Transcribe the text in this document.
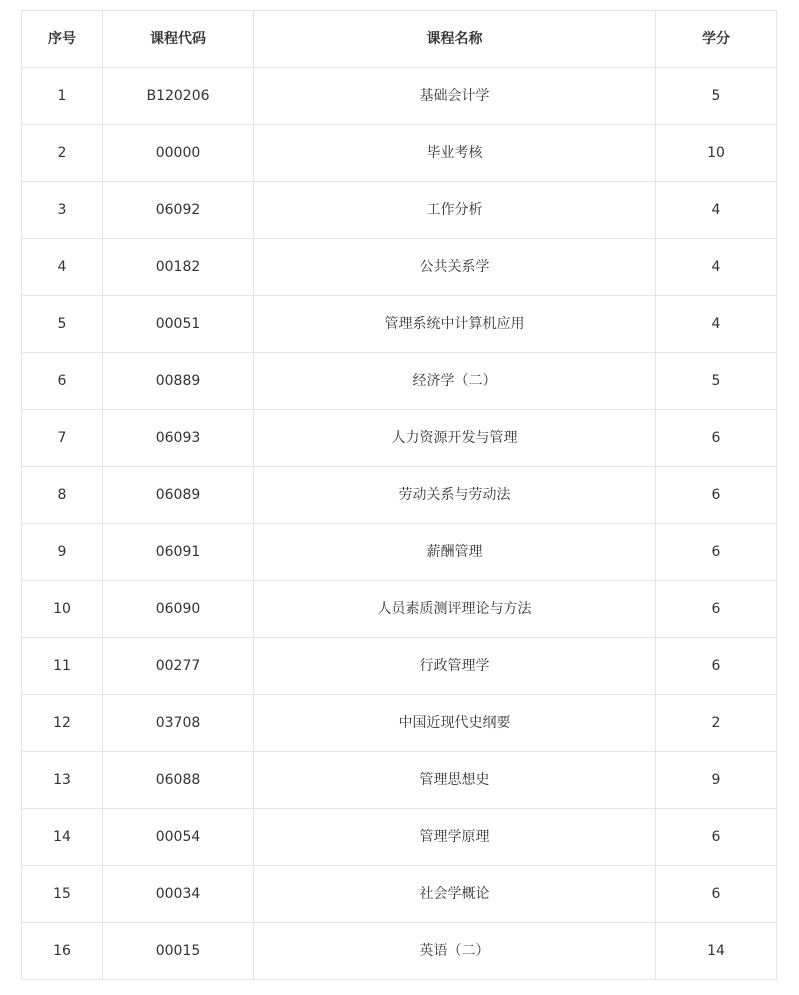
序号	课程代码	课程名称	学分
1	B120206	基础会计学	5
2	00000	毕业考核	10
3	06092	工作分析	4
4	00182	公共关系学	4
5	00051	管理系统中计算机应用	4
6	00889	经济学（二）	5
7	06093	人力资源开发与管理	6
8	06089	劳动关系与劳动法	6
9	06091	薪酬管理	6
10	06090	人员素质测评理论与方法	6
11	00277	行政管理学	6
12	03708	中国近现代史纲要	2
13	06088	管理思想史	9
14	00054	管理学原理	6
15	00034	社会学概论	6
16	00015	英语（二）	14
